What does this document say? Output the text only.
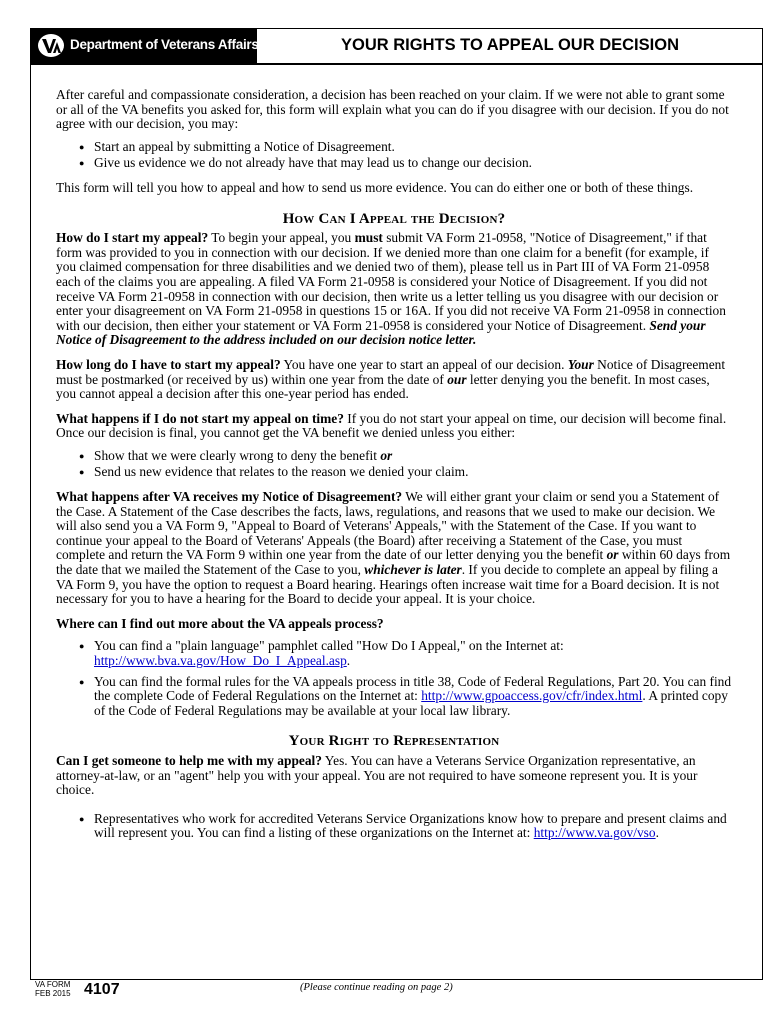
Department of Veterans Affairs	YOUR RIGHTS TO APPEAL OUR DECISION

After careful and compassionate consideration, a decision has been reached on your claim. If we were not able to grant some or all of the VA benefits you asked for, this form will explain what you can do if you disagree with our decision. If you do not agree with our decision, you may:

● Start an appeal by submitting a Notice of Disagreement.
● Give us evidence we do not already have that may lead us to change our decision.

This form will tell you how to appeal and how to send us more evidence. You can do either one or both of these things.

How Can I Appeal the Decision?

How do I start my appeal? To begin your appeal, you must submit VA Form 21-0958, "Notice of Disagreement," if that form was provided to you in connection with our decision. If we denied more than one claim for a benefit (for example, if you claimed compensation for three disabilities and we denied two of them), please tell us in Part III of VA Form 21-0958 each of the claims you are appealing. A filed VA Form 21-0958 is considered your Notice of Disagreement. If you did not receive VA Form 21-0958 in connection with our decision, then write us a letter telling us you disagree with our decision or enter your disagreement on VA Form 21-0958 in questions 15 or 16A. If you did not receive VA Form 21-0958 in connection with our decision, then either your statement or VA Form 21-0958 is considered your Notice of Disagreement. Send your Notice of Disagreement to the address included on our decision notice letter.

How long do I have to start my appeal? You have one year to start an appeal of our decision. Your Notice of Disagreement must be postmarked (or received by us) within one year from the date of our letter denying you the benefit. In most cases, you cannot appeal a decision after this one-year period has ended.

What happens if I do not start my appeal on time? If you do not start your appeal on time, our decision will become final. Once our decision is final, you cannot get the VA benefit we denied unless you either:

● Show that we were clearly wrong to deny the benefit or
● Send us new evidence that relates to the reason we denied your claim.

What happens after VA receives my Notice of Disagreement? We will either grant your claim or send you a Statement of the Case. A Statement of the Case describes the facts, laws, regulations, and reasons that we used to make our decision. We will also send you a VA Form 9, "Appeal to Board of Veterans' Appeals," with the Statement of the Case. If you want to continue your appeal to the Board of Veterans' Appeals (the Board) after receiving a Statement of the Case, you must complete and return the VA Form 9 within one year from the date of our letter denying you the benefit or within 60 days from the date that we mailed the Statement of the Case to you, whichever is later. If you decide to complete an appeal by filing a VA Form 9, you have the option to request a Board hearing. Hearings often increase wait time for a Board decision. It is not necessary for you to have a hearing for the Board to decide your appeal. It is your choice.

Where can I find out more about the VA appeals process?

● You can find a "plain language" pamphlet called "How Do I Appeal," on the Internet at: http://www.bva.va.gov/How_Do_I_Appeal.asp.
● You can find the formal rules for the VA appeals process in title 38, Code of Federal Regulations, Part 20. You can find the complete Code of Federal Regulations on the Internet at: http://www.gpoaccess.gov/cfr/index.html. A printed copy of the Code of Federal Regulations may be available at your local law library.
Your Right to Representation

Can I get someone to help me with my appeal? Yes. You can have a Veterans Service Organization representative, an attorney-at-law, or an "agent" help you with your appeal. You are not required to have someone represent you. It is your choice.

● Representatives who work for accredited Veterans Service Organizations know how to prepare and present claims and will represent you. You can find a listing of these organizations on the Internet at: http://www.va.gov/vso.
VA FORM
FEB 2015 4107	(Please continue reading on page 2)
